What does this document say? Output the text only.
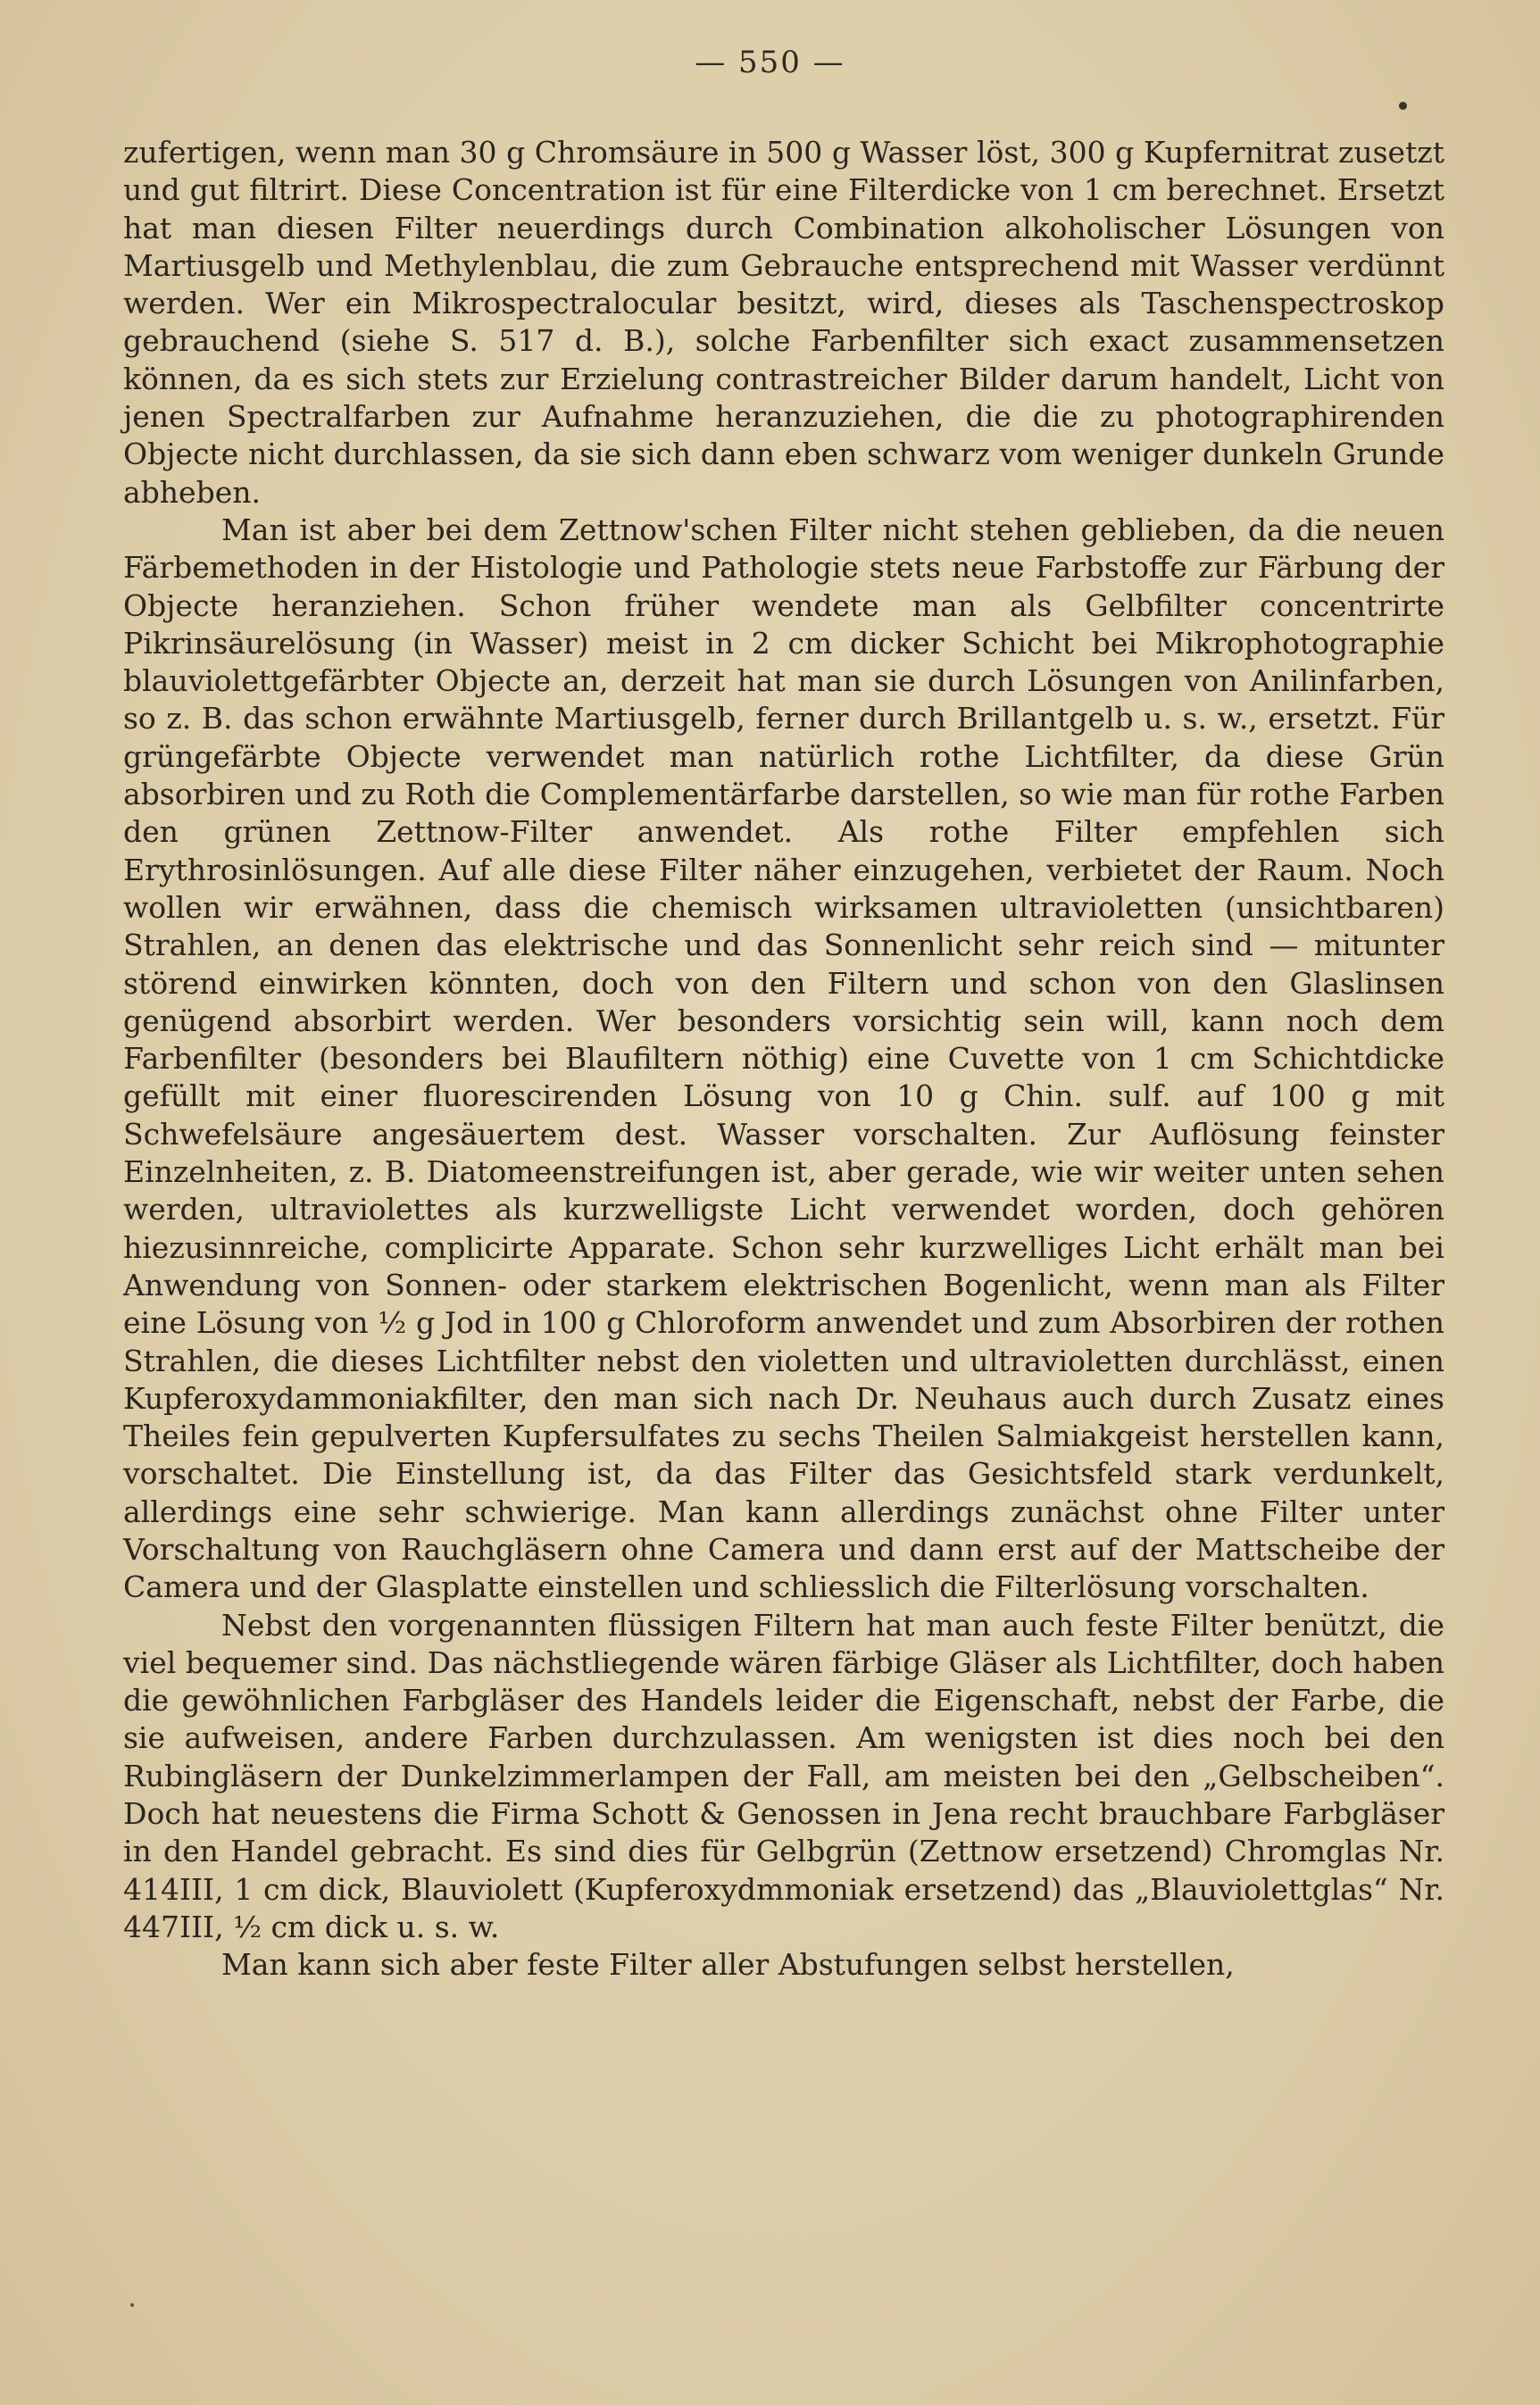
— 550 —

zufertigen, wenn man 30 g Chromsäure in 500 g Wasser löst, 300 g Kupfernitrat zusetzt und gut filtrirt. Diese Concentration ist für eine Filterdicke von 1 cm berechnet. Ersetzt hat man diesen Filter neuerdings durch Combination alkoholischer Lösungen von Martiusgelb und Methylenblau, die zum Gebrauche entsprechend mit Wasser verdünnt werden. Wer ein Mikrospectralocular besitzt, wird, dieses als Taschenspectroskop gebrauchend (siehe S. 517 d. B.), solche Farbenfilter sich exact zusammensetzen können, da es sich stets zur Erzielung contrastreicher Bilder darum handelt, Licht von jenen Spectralfarben zur Aufnahme heranzuziehen, die die zu photographirenden Objecte nicht durchlassen, da sie sich dann eben schwarz vom weniger dunkeln Grunde abheben.

Man ist aber bei dem Zettnow'schen Filter nicht stehen geblieben, da die neuen Färbemethoden in der Histologie und Pathologie stets neue Farbstoffe zur Färbung der Objecte heranziehen. Schon früher wendete man als Gelbfilter concentrirte Pikrinsäurelösung (in Wasser) meist in 2 cm dicker Schicht bei Mikrophotographie blauviolettgefärbter Objecte an, derzeit hat man sie durch Lösungen von Anilinfarben, so z. B. das schon erwähnte Martiusgelb, ferner durch Brillantgelb u. s. w., ersetzt. Für grüngefärbte Objecte verwendet man natürlich rothe Lichtfilter, da diese Grün absorbiren und zu Roth die Complementärfarbe darstellen, so wie man für rothe Farben den grünen Zettnow-Filter anwendet. Als rothe Filter empfehlen sich Erythrosinlösungen. Auf alle diese Filter näher einzugehen, verbietet der Raum. Noch wollen wir erwähnen, dass die chemisch wirksamen ultravioletten (unsichtbaren) Strahlen, an denen das elektrische und das Sonnenlicht sehr reich sind — mitunter störend einwirken könnten, doch von den Filtern und schon von den Glaslinsen genügend absorbirt werden. Wer besonders vorsichtig sein will, kann noch dem Farbenfilter (besonders bei Blaufiltern nöthig) eine Cuvette von 1 cm Schichtdicke gefüllt mit einer fluorescirenden Lösung von 10 g Chin. sulf. auf 100 g mit Schwefelsäure angesäuertem dest. Wasser vorschalten. Zur Auflösung feinster Einzelnheiten, z. B. Diatomeenstreifungen ist, aber gerade, wie wir weiter unten sehen werden, ultraviolettes als kurzwelligste Licht verwendet worden, doch gehören hiezusinnreiche, complicirte Apparate. Schon sehr kurzwelliges Licht erhält man bei Anwendung von Sonnen- oder starkem elektrischen Bogenlicht, wenn man als Filter eine Lösung von ½ g Jod in 100 g Chloroform anwendet und zum Absorbiren der rothen Strahlen, die dieses Lichtfilter nebst den violetten und ultravioletten durchlässt, einen Kupferoxydammoniakfilter, den man sich nach Dr. Neuhaus auch durch Zusatz eines Theiles fein gepulverten Kupfersulfates zu sechs Theilen Salmiakgeist herstellen kann, vorschaltet. Die Einstellung ist, da das Filter das Gesichtsfeld stark verdunkelt, allerdings eine sehr schwierige. Man kann allerdings zunächst ohne Filter unter Vorschaltung von Rauchgläsern ohne Camera und dann erst auf der Mattscheibe der Camera und der Glasplatte einstellen und schliesslich die Filterlösung vorschalten.

Nebst den vorgenannten flüssigen Filtern hat man auch feste Filter benützt, die viel bequemer sind. Das nächstliegende wären färbige Gläser als Lichtfilter, doch haben die gewöhnlichen Farbgläser des Handels leider die Eigenschaft, nebst der Farbe, die sie aufweisen, andere Farben durchzulassen. Am wenigsten ist dies noch bei den Rubingläsern der Dunkelzimmerlampen der Fall, am meisten bei den „Gelbscheiben“. Doch hat neuestens die Firma Schott & Genossen in Jena recht brauchbare Farbgläser in den Handel gebracht. Es sind dies für Gelbgrün (Zettnow ersetzend) Chromglas Nr. 414III, 1 cm dick, Blauviolett (Kupferoxydmmoniak ersetzend) das „Blauviolettglas“ Nr. 447III, ½ cm dick u. s. w.

Man kann sich aber feste Filter aller Abstufungen selbst herstellen,
